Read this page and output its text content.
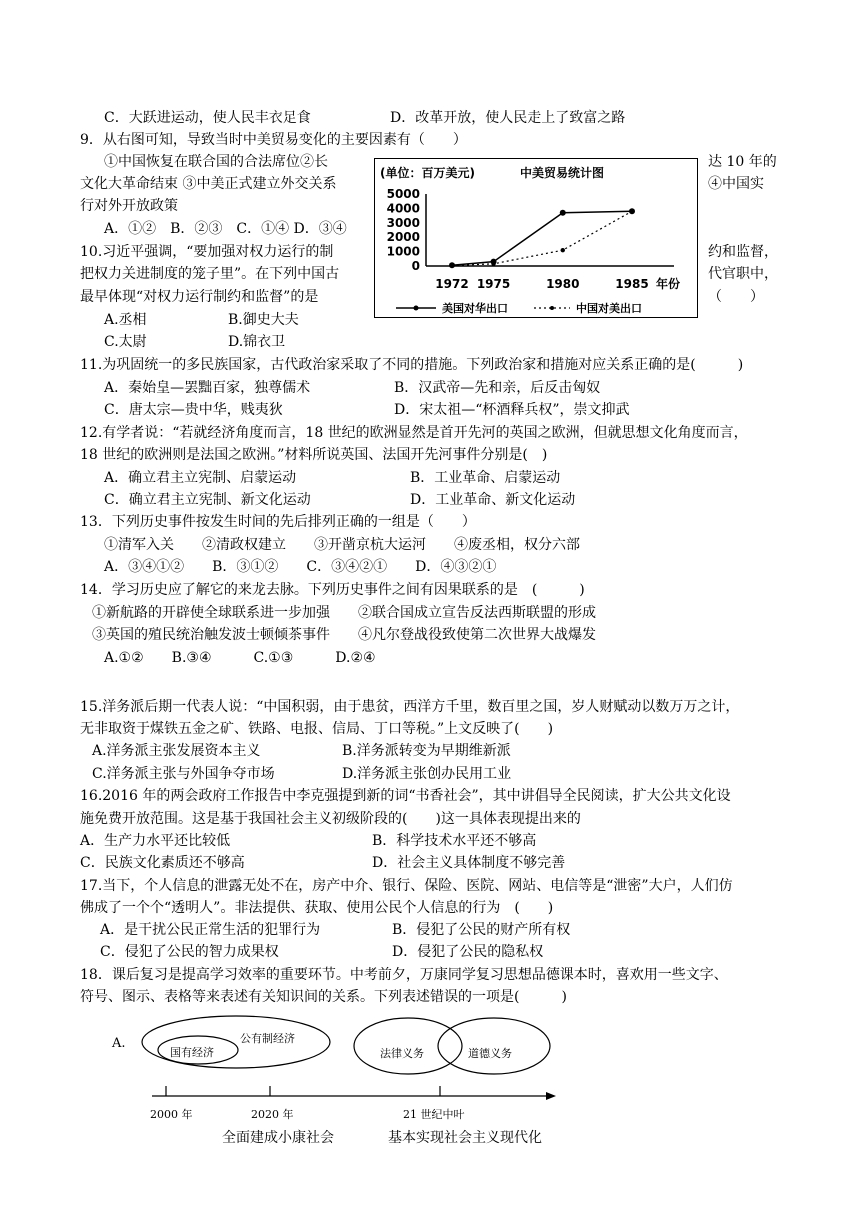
C．大跃进运动，使人民丰衣足食	D．改革开放，使人民走上了致富之路
9．从右图可知，导致当时中美贸易变化的主要因素有（　　）
①中国恢复在联合国的合法席位②长	达 10 年的
文化大革命结束 ③中美正式建立外交关系	④中国实
行对外开放政策
A．①②　B．②③　C．①④ D．③④
10.习近平强调，“要加强对权力运行的制	约和监督，
把权力关进制度的笼子里”。在下列中国古	代官职中，
最早体现“对权力运行制约和监督”的是	（　　）
A.丞相	B.御史大夫
C.太尉	D.锦衣卫
11.为巩固统一的多民族国家，古代政治家采取了不同的措施。下列政治家和措施对应关系正确的是(　　　)
A．秦始皇—罢黜百家，独尊儒术	B．汉武帝—先和亲，后反击匈奴
C．唐太宗—贵中华，贱夷狄	D．宋太祖—“杯酒释兵权”，崇文抑武
12.有学者说：“若就经济角度而言，18 世纪的欧洲显然是首开先河的英国之欧洲，但就思想文化角度而言，
18 世纪的欧洲则是法国之欧洲。”材料所说英国、法国开先河事件分别是(　)
A．确立君主立宪制、启蒙运动	B．工业革命、启蒙运动
C．确立君主立宪制、新文化运动	D．工业革命、新文化运动
13．下列历史事件按发生时间的先后排列正确的一组是（　　）
①清军入关　　②清政权建立　　③开凿京杭大运河　　④废丞相，权分六部
A．③④①②　　B．③①②　　C．③④②①　　D．④③②①
14．学习历史应了解它的来龙去脉。下列历史事件之间有因果联系的是　(　　　)
①新航路的开辟使全球联系进一步加强　　②联合国成立宣告反法西斯联盟的形成
③英国的殖民统治触发波士顿倾茶事件　　④凡尔登战役致使第二次世界大战爆发
A.①②　　B.③④　　　C.①③　　　D.②④
15.洋务派后期一代表人说：“中国积弱，由于患贫，西洋方千里，数百里之国，岁人财赋动以数万万之计，
无非取资于煤铁五金之矿、铁路、电报、信局、丁口等税。”上文反映了(　　)
A.洋务派主张发展资本主义	B.洋务派转变为早期维新派
C.洋务派主张与外国争夺市场	D.洋务派主张创办民用工业
16.2016 年的两会政府工作报告中李克强提到新的词“书香社会”，其中讲倡导全民阅读，扩大公共文化设
施免费开放范围。这是基于我国社会主义初级阶段的(　　)这一具体表现提出来的
A．生产力水平还比较低	B．科学技术水平还不够高
C．民族文化素质还不够高	D．社会主义具体制度不够完善
17.当下，个人信息的泄露无处不在，房产中介、银行、保险、医院、网站、电信等是“泄密”大户，人们仿
佛成了一个个“透明人”。非法提供、获取、使用公民个人信息的行为　(　　)
A．是干扰公民正常生活的犯罪行为	B．侵犯了公民的财产所有权
C．侵犯了公民的智力成果权	D．侵犯了公民的隐私权
18．课后复习是提高学习效率的重要环节。中考前夕，万康同学复习思想品德课本时，喜欢用一些文字、
符号、图示、表格等来表述有关知识间的关系。下列表述错误的一项是(　　　)
(单位：百万美元)	中美贸易统计图
5000
4000
3000
2000
1000
0
1972 1975	1980	1985 年份
美国对华出口	中国对美出口
A.
国有经济
公有制经济
法律义务	道德义务
2000 年	2020 年	21 世纪中叶
全面建成小康社会	基本实现社会主义现代化
